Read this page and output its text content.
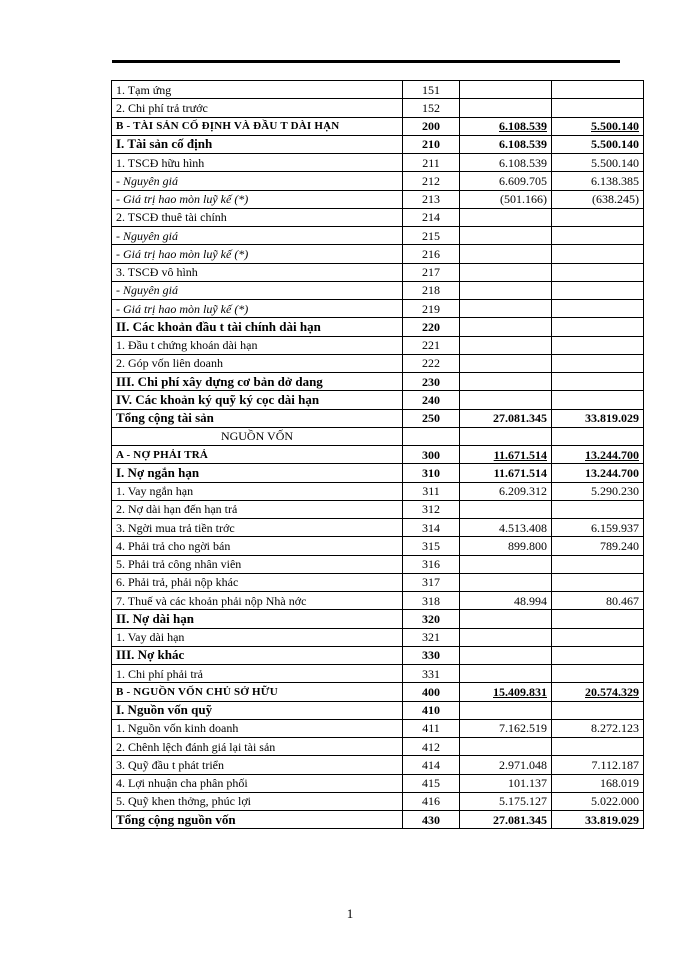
1. Tạm ứng	151		
2. Chi phí trả trước	152		
B - TÀI SẢN CỐ ĐỊNH VÀ ĐẦU T DÀI HẠN	200	6.108.539	5.500.140
I. Tài sản cố định	210	6.108.539	5.500.140
1. TSCĐ hữu hình	211	6.108.539	5.500.140
- Nguyên giá	212	6.609.705	6.138.385
- Giá trị hao mòn luỹ kế (*)	213	(501.166)	(638.245)
2. TSCĐ thuê tài chính	214		
- Nguyên giá	215		
- Giá trị hao mòn luỹ kế (*)	216		
3. TSCĐ vô hình	217		
- Nguyên giá	218		
- Giá trị hao mòn luỹ kế (*)	219		
II. Các khoản đầu t tài chính dài hạn	220		
1. Đầu t chứng khoán dài hạn	221		
2. Góp vốn liên doanh	222		
III. Chi phí xây dựng cơ bản dở dang	230		
IV. Các khoản ký quỹ ký cọc dài hạn	240		
Tổng cộng tài sản	250	27.081.345	33.819.029
NGUỒN VỐN			
A - NỢ PHẢI TRẢ	300	11.671.514	13.244.700
I. Nợ ngắn hạn	310	11.671.514	13.244.700
1. Vay ngắn hạn	311	6.209.312	5.290.230
2. Nợ dài hạn đến hạn trả	312		
3. Ngời mua trả tiền trớc	314	4.513.408	6.159.937
4. Phải trả cho ngời bán	315	899.800	789.240
5. Phải trả công nhân viên	316		
6. Phải trả, phải nộp khác	317		
7. Thuế và các khoản phải nộp Nhà nớc	318	48.994	80.467
II. Nợ dài hạn	320		
1. Vay dài hạn	321		
III. Nợ khác	330		
1. Chi phí phải trả	331		
B - NGUỒN VỐN CHỦ SỞ HỮU	400	15.409.831	20.574.329
I. Nguồn vốn quỹ	410		
1. Nguồn vốn kinh doanh	411	7.162.519	8.272.123
2. Chênh lệch đánh giá lại tài sản	412		
3. Quỹ đầu t phát triển	414	2.971.048	7.112.187
4. Lợi nhuận cha phân phối	415	101.137	168.019
5. Quỹ khen thởng, phúc lợi	416	5.175.127	5.022.000
Tổng cộng nguồn vốn	430	27.081.345	33.819.029
1
